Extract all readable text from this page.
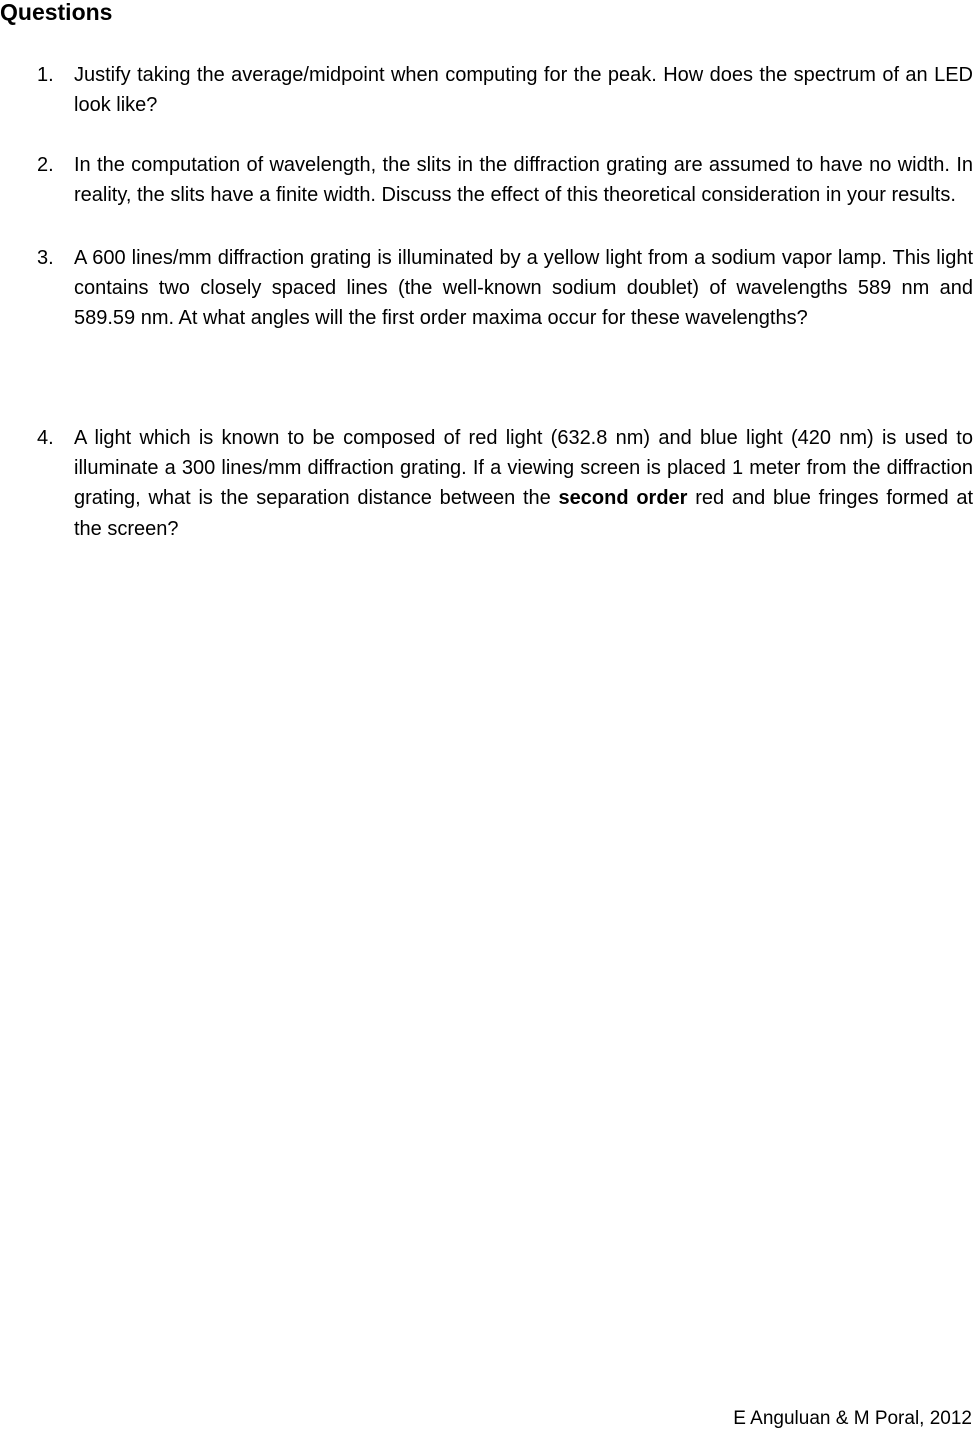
Questions
1. Justify taking the average/midpoint when computing for the peak. How does the spectrum of an LED look like?

2. In the computation of wavelength, the slits in the diffraction grating are assumed to have no width. In reality, the slits have a finite width. Discuss the effect of this theoretical consideration in your results.

3. A 600 lines/mm diffraction grating is illuminated by a yellow light from a sodium vapor lamp. This light contains two closely spaced lines (the well-known sodium doublet) of wavelengths 589 nm and 589.59 nm. At what angles will the first order maxima occur for these wavelengths?

4. A light which is known to be composed of red light (632.8 nm) and blue light (420 nm) is used to illuminate a 300 lines/mm diffraction grating. If a viewing screen is placed 1 meter from the diffraction grating, what is the separation distance between the second order red and blue fringes formed at the screen?

E Anguluan & M Poral, 2012
